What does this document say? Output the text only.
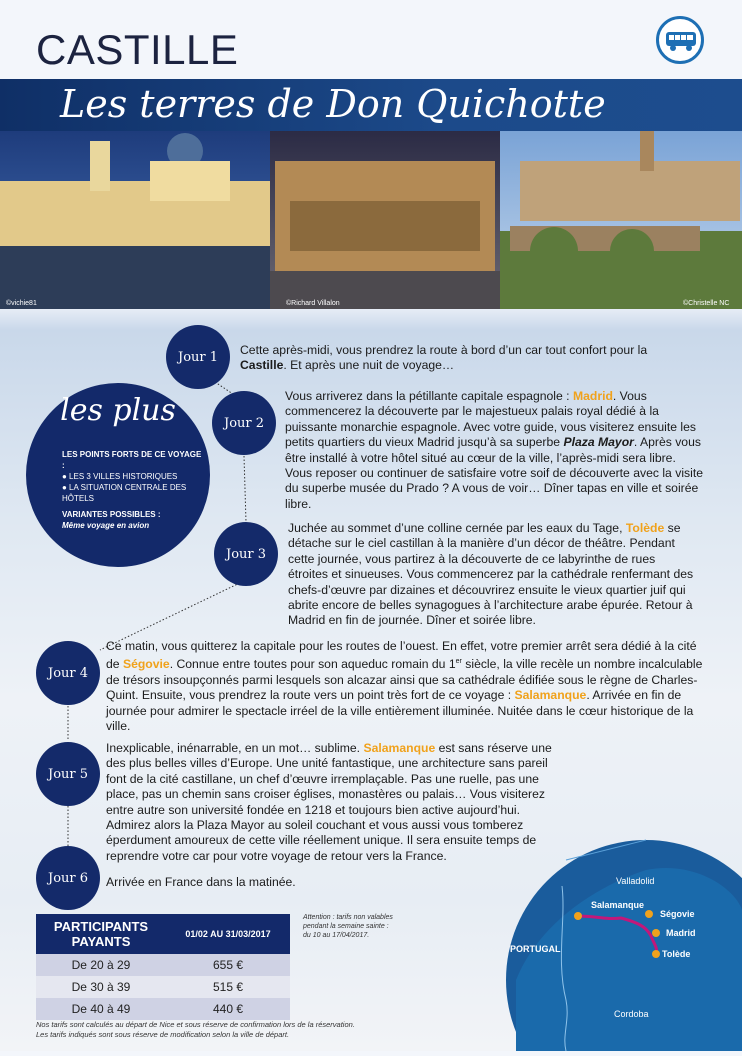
CASTILLE
Les terres de Don Quichotte
©vichie81	©Richard Villalon	©Christelle NC
Jour 1	Cette après-midi, vous prendrez la route à bord d’un car tout confort pour la Castille. Et après une nuit de voyage…
Jour 2
Vous arriverez dans la pétillante capitale espagnole : Madrid. Vous commencerez la découverte par le majestueux palais royal dédié à la puissante monarchie espagnole. Avec votre guide, vous visiterez ensuite les petits quartiers du vieux Madrid jusqu’à sa superbe Plaza Mayor. Après vous être installé à votre hôtel situé au cœur de la ville, l’après-midi sera libre. Vous reposer ou continuer de satisfaire votre soif de découverte avec la visite du superbe musée du Prado ? A vous de voir… Dîner tapas en ville et soirée libre.
Jour 3
Juchée au sommet d’une colline cernée par les eaux du Tage, Tolède se détache sur le ciel castillan à la manière d’un décor de théâtre. Pendant cette journée, vous partirez à la découverte de ce labyrinthe de rues étroites et sinueuses. Vous commencerez par la cathédrale renfermant des chefs-d’œuvre par dizaines et découvrirez ensuite le vieux quartier juif qui abrite encore de belles synagogues à l’architecture arabe épurée. Retour à Madrid en fin de journée. Dîner et soirée libre.
Jour 4
Ce matin, vous quitterez la capitale pour les routes de l’ouest. En effet, votre premier arrêt sera dédié à la cité de Ségovie. Connue entre toutes pour son aqueduc romain du 1er siècle, la ville recèle un nombre incalculable de trésors insoupçonnés parmi lesquels son alcazar ainsi que sa cathédrale édifiée sous le règne de Charles-Quint. Ensuite, vous prendrez la route vers un point très fort de ce voyage : Salamanque. Arrivée en fin de journée pour admirer le spectacle irréel de la ville entièrement illuminée. Nuitée dans le cœur historique de la ville.
Jour 5
Inexplicable, inénarrable, en un mot… sublime. Salamanque est sans réserve une des plus belles villes d’Europe. Une unité fantastique, une architecture sans pareil font de la cité castillane, un chef d’œuvre irremplaçable. Pas une ruelle, pas une place, pas un chemin sans croiser églises, monastères ou palais… Vous visiterez entre autre son université fondée en 1218 et toujours bien active aujourd’hui. Admirez alors la Plaza Mayor au soleil couchant et vous aussi vous tomberez éperdument amoureux de cette ville réellement unique. Il sera ensuite temps de reprendre votre car pour votre voyage de retour vers la France.
Jour 6	Arrivée en France dans la matinée.
les plus
LES POINTS FORTS DE CE VOYAGE :
● LES 3 VILLES HISTORIQUES
● LA SITUATION CENTRALE DES HÔTELS
VARIANTES POSSIBLES :
Même voyage en avion
PARTICIPANTS PAYANTS	01/02 AU 31/03/2017
De 20 à 29	655 €
De 30 à 39	515 €
De 40 à 49	440 €
Attention : tarifs non valables pendant la semaine sainte : du 10 au 17/04/2017.
Nos tarifs sont calculés au départ de Nice et sous réserve de confirmation lors de la réservation.
Les tarifs indiqués sont sous réserve de modification selon la ville de départ.
Valladolid
Salamanque
Ségovie
Madrid
Tolède
PORTUGAL
Cordoba
